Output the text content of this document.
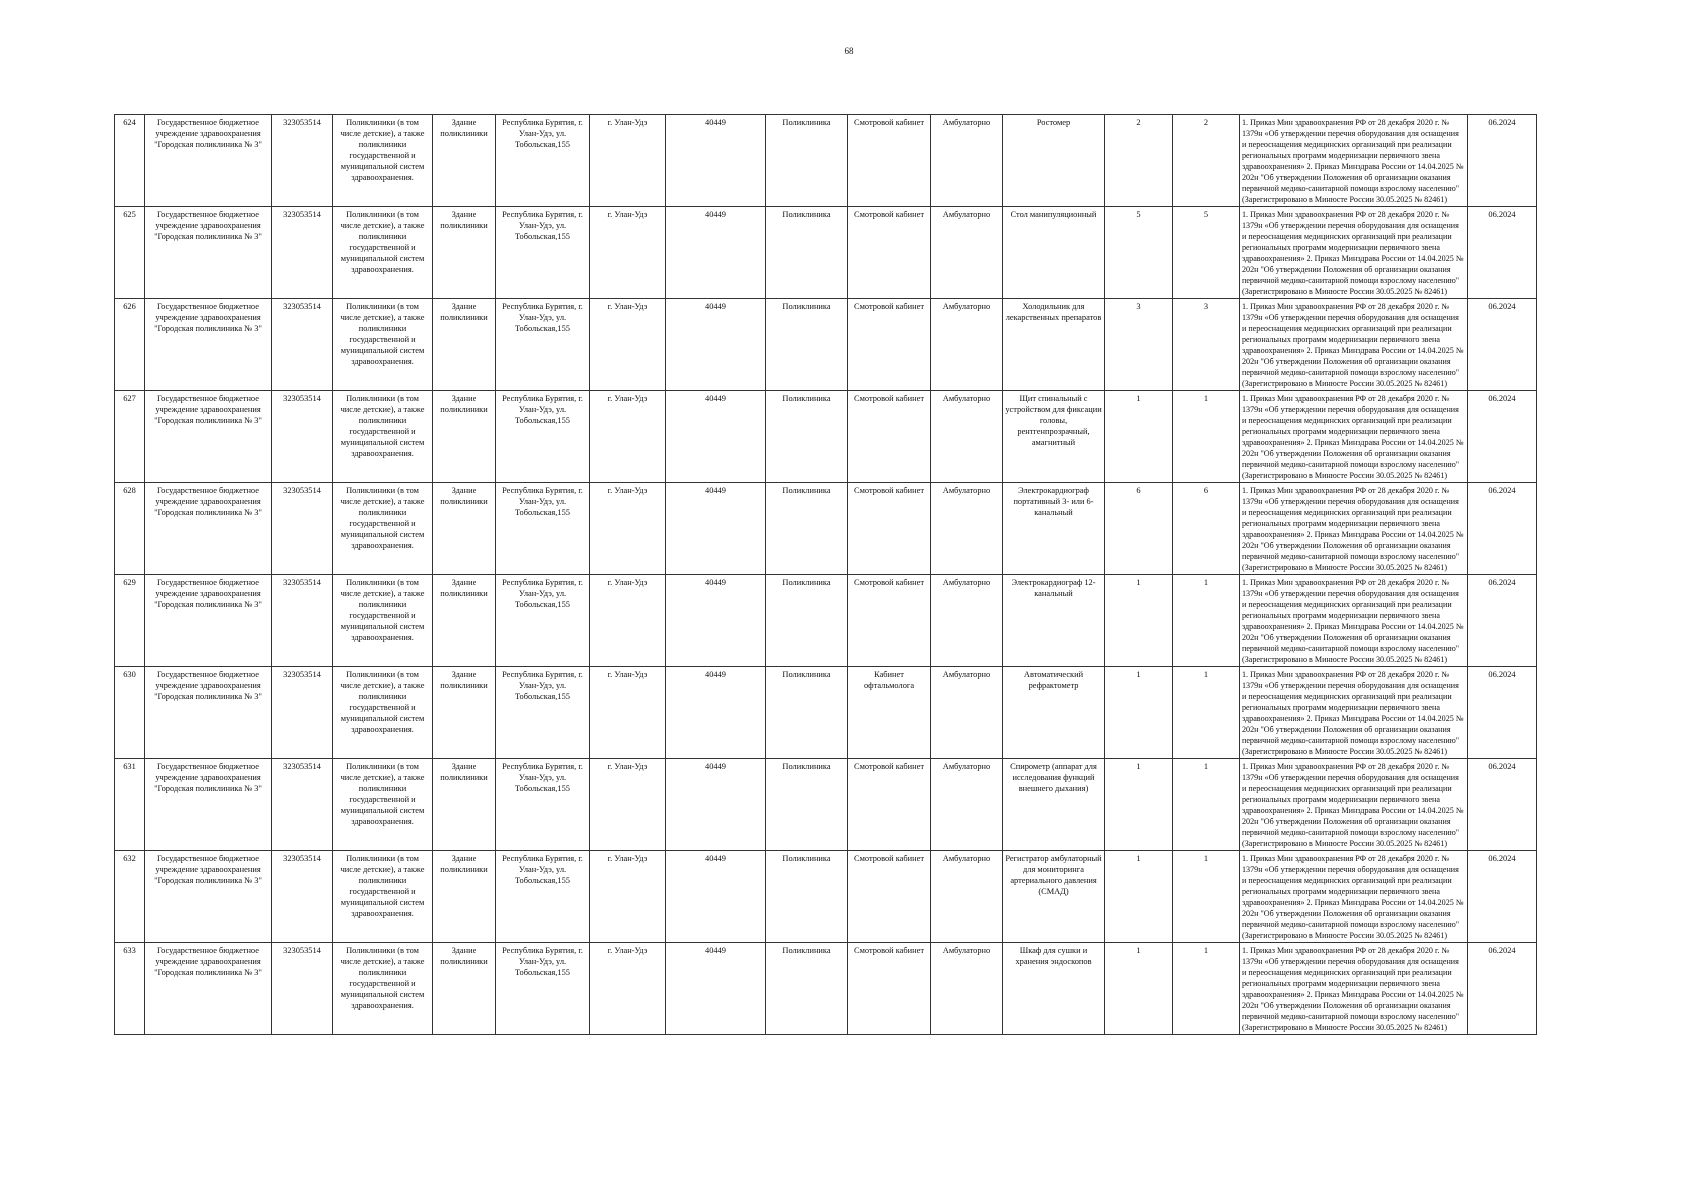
68
624	Государственное бюджетное учреждение здравоохранения "Городская поликлиника № 3"	323053514	Поликлиники (в том числе детские), а также поликлиники государственной и муниципальной систем здравоохранения.	Здание поликлиники	Республика Бурятия, г. Улан-Удэ, ул. Тобольская,155	г. Улан-Удэ	40449	Поликлиника	Смотровой кабинет	Амбулаторно	Ростомер	2	2	1. Приказ Мин здравоохранения РФ от 28 декабря 2020 г. № 1379н «Об утверждении перечня оборудования для оснащения и переоснащения медицинских организаций при реализации региональных программ модернизации первичного звена здравоохранения» 2. Приказ Минздрава России от 14.04.2025 № 202н "Об утверждении Положения об организации оказания первичной медико-санитарной помощи взрослому населению" (Зарегистрировано в Минюсте России 30.05.2025 № 82461)	06.2024
625	Государственное бюджетное учреждение здравоохранения "Городская поликлиника № 3"	323053514	Поликлиники (в том числе детские), а также поликлиники государственной и муниципальной систем здравоохранения.	Здание поликлиники	Республика Бурятия, г. Улан-Удэ, ул. Тобольская,155	г. Улан-Удэ	40449	Поликлиника	Смотровой кабинет	Амбулаторно	Стол манипуляционный	5	5	1. Приказ Мин здравоохранения РФ от 28 декабря 2020 г. № 1379н «Об утверждении перечня оборудования для оснащения и переоснащения медицинских организаций при реализации региональных программ модернизации первичного звена здравоохранения» 2. Приказ Минздрава России от 14.04.2025 № 202н "Об утверждении Положения об организации оказания первичной медико-санитарной помощи взрослому населению" (Зарегистрировано в Минюсте России 30.05.2025 № 82461)	06.2024
626	Государственное бюджетное учреждение здравоохранения "Городская поликлиника № 3"	323053514	Поликлиники (в том числе детские), а также поликлиники государственной и муниципальной систем здравоохранения.	Здание поликлиники	Республика Бурятия, г. Улан-Удэ, ул. Тобольская,155	г. Улан-Удэ	40449	Поликлиника	Смотровой кабинет	Амбулаторно	Холодильник для лекарственных препаратов	3	3	1. Приказ Мин здравоохранения РФ от 28 декабря 2020 г. № 1379н «Об утверждении перечня оборудования для оснащения и переоснащения медицинских организаций при реализации региональных программ модернизации первичного звена здравоохранения» 2. Приказ Минздрава России от 14.04.2025 № 202н "Об утверждении Положения об организации оказания первичной медико-санитарной помощи взрослому населению" (Зарегистрировано в Минюсте России 30.05.2025 № 82461)	06.2024
627	Государственное бюджетное учреждение здравоохранения "Городская поликлиника № 3"	323053514	Поликлиники (в том числе детские), а также поликлиники государственной и муниципальной систем здравоохранения.	Здание поликлиники	Республика Бурятия, г. Улан-Удэ, ул. Тобольская,155	г. Улан-Удэ	40449	Поликлиника	Смотровой кабинет	Амбулаторно	Щит спинальный с устройством для фиксации головы, рентгенпрозрачный, амагнитный	1	1	1. Приказ Мин здравоохранения РФ от 28 декабря 2020 г. № 1379н «Об утверждении перечня оборудования для оснащения и переоснащения медицинских организаций при реализации региональных программ модернизации первичного звена здравоохранения» 2. Приказ Минздрава России от 14.04.2025 № 202н "Об утверждении Положения об организации оказания первичной медико-санитарной помощи взрослому населению" (Зарегистрировано в Минюсте России 30.05.2025 № 82461)	06.2024
628	Государственное бюджетное учреждение здравоохранения "Городская поликлиника № 3"	323053514	Поликлиники (в том числе детские), а также поликлиники государственной и муниципальной систем здравоохранения.	Здание поликлиники	Республика Бурятия, г. Улан-Удэ, ул. Тобольская,155	г. Улан-Удэ	40449	Поликлиника	Смотровой кабинет	Амбулаторно	Электрокардиограф портативный 3- или 6-канальный	6	6	1. Приказ Мин здравоохранения РФ от 28 декабря 2020 г. № 1379н «Об утверждении перечня оборудования для оснащения и переоснащения медицинских организаций при реализации региональных программ модернизации первичного звена здравоохранения» 2. Приказ Минздрава России от 14.04.2025 № 202н "Об утверждении Положения об организации оказания первичной медико-санитарной помощи взрослому населению" (Зарегистрировано в Минюсте России 30.05.2025 № 82461)	06.2024
629	Государственное бюджетное учреждение здравоохранения "Городская поликлиника № 3"	323053514	Поликлиники (в том числе детские), а также поликлиники государственной и муниципальной систем здравоохранения.	Здание поликлиники	Республика Бурятия, г. Улан-Удэ, ул. Тобольская,155	г. Улан-Удэ	40449	Поликлиника	Смотровой кабинет	Амбулаторно	Электрокардиограф 12-канальный	1	1	1. Приказ Мин здравоохранения РФ от 28 декабря 2020 г. № 1379н «Об утверждении перечня оборудования для оснащения и переоснащения медицинских организаций при реализации региональных программ модернизации первичного звена здравоохранения» 2. Приказ Минздрава России от 14.04.2025 № 202н "Об утверждении Положения об организации оказания первичной медико-санитарной помощи взрослому населению" (Зарегистрировано в Минюсте России 30.05.2025 № 82461)	06.2024
630	Государственное бюджетное учреждение здравоохранения "Городская поликлиника № 3"	323053514	Поликлиники (в том числе детские), а также поликлиники государственной и муниципальной систем здравоохранения.	Здание поликлиники	Республика Бурятия, г. Улан-Удэ, ул. Тобольская,155	г. Улан-Удэ	40449	Поликлиника	Кабинет офтальмолога	Амбулаторно	Автоматический рефрактометр	1	1	1. Приказ Мин здравоохранения РФ от 28 декабря 2020 г. № 1379н «Об утверждении перечня оборудования для оснащения и переоснащения медицинских организаций при реализации региональных программ модернизации первичного звена здравоохранения» 2. Приказ Минздрава России от 14.04.2025 № 202н "Об утверждении Положения об организации оказания первичной медико-санитарной помощи взрослому населению" (Зарегистрировано в Минюсте России 30.05.2025 № 82461)	06.2024
631	Государственное бюджетное учреждение здравоохранения "Городская поликлиника № 3"	323053514	Поликлиники (в том числе детские), а также поликлиники государственной и муниципальной систем здравоохранения.	Здание поликлиники	Республика Бурятия, г. Улан-Удэ, ул. Тобольская,155	г. Улан-Удэ	40449	Поликлиника	Смотровой кабинет	Амбулаторно	Спирометр (аппарат для исследования функций внешнего дыхания)	1	1	1. Приказ Мин здравоохранения РФ от 28 декабря 2020 г. № 1379н «Об утверждении перечня оборудования для оснащения и переоснащения медицинских организаций при реализации региональных программ модернизации первичного звена здравоохранения» 2. Приказ Минздрава России от 14.04.2025 № 202н "Об утверждении Положения об организации оказания первичной медико-санитарной помощи взрослому населению" (Зарегистрировано в Минюсте России 30.05.2025 № 82461)	06.2024
632	Государственное бюджетное учреждение здравоохранения "Городская поликлиника № 3"	323053514	Поликлиники (в том числе детские), а также поликлиники государственной и муниципальной систем здравоохранения.	Здание поликлиники	Республика Бурятия, г. Улан-Удэ, ул. Тобольская,155	г. Улан-Удэ	40449	Поликлиника	Смотровой кабинет	Амбулаторно	Регистратор амбулаторный для мониторинга артериального давления (СМАД)	1	1	1. Приказ Мин здравоохранения РФ от 28 декабря 2020 г. № 1379н «Об утверждении перечня оборудования для оснащения и переоснащения медицинских организаций при реализации региональных программ модернизации первичного звена здравоохранения» 2. Приказ Минздрава России от 14.04.2025 № 202н "Об утверждении Положения об организации оказания первичной медико-санитарной помощи взрослому населению" (Зарегистрировано в Минюсте России 30.05.2025 № 82461)	06.2024
633	Государственное бюджетное учреждение здравоохранения "Городская поликлиника № 3"	323053514	Поликлиники (в том числе детские), а также поликлиники государственной и муниципальной систем здравоохранения.	Здание поликлиники	Республика Бурятия, г. Улан-Удэ, ул. Тобольская,155	г. Улан-Удэ	40449	Поликлиника	Смотровой кабинет	Амбулаторно	Шкаф для сушки и хранения эндоскопов	1	1	1. Приказ Мин здравоохранения РФ от 28 декабря 2020 г. № 1379н «Об утверждении перечня оборудования для оснащения и переоснащения медицинских организаций при реализации региональных программ модернизации первичного звена здравоохранения» 2. Приказ Минздрава России от 14.04.2025 № 202н "Об утверждении Положения об организации оказания первичной медико-санитарной помощи взрослому населению" (Зарегистрировано в Минюсте России 30.05.2025 № 82461)	06.2024
